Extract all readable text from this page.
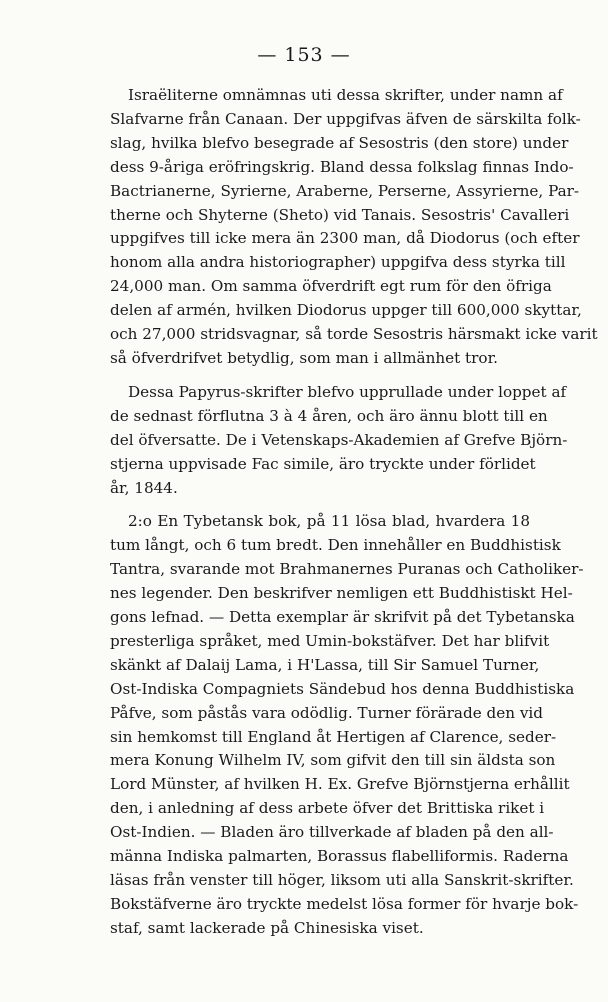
— 153 —

Israëliterne omnämnas uti dessa skrifter, under namn af
Slafvarne från Canaan. Der uppgifvas äfven de särskilta folk-
slag, hvilka blefvo besegrade af Sesostris (den store) under
dess 9-åriga eröfringskrig. Bland dessa folkslag finnas Indo-
Bactrianerne, Syrierne, Araberne, Perserne, Assyrierne, Par-
therne och Shyterne (Sheto) vid Tanais. Sesostris' Cavalleri
uppgifves till icke mera än 2300 man, då Diodorus (och efter
honom alla andra historiographer) uppgifva dess styrka till
24,000 man. Om samma öfverdrift egt rum för den öfriga
delen af armén, hvilken Diodorus uppger till 600,000 skyttar,
och 27,000 stridsvagnar, så torde Sesostris härsmakt icke varit
så öfverdrifvet betydlig, som man i allmänhet tror.

Dessa Papyrus-skrifter blefvo upprullade under loppet af
de sednast förflutna 3 à 4 åren, och äro ännu blott till en
del öfversatte. De i Vetenskaps-Akademien af Grefve Björn-
stjerna uppvisade Fac simile, äro tryckte under förlidet
år, 1844.

2:o En Tybetansk bok, på 11 lösa blad, hvardera 18
tum långt, och 6 tum bredt. Den innehåller en Buddhistisk
Tantra, svarande mot Brahmanernes Puranas och Catholiker-
nes legender. Den beskrifver nemligen ett Buddhistiskt Hel-
gons lefnad. — Detta exemplar är skrifvit på det Tybetanska
presterliga språket, med Umin-bokstäfver. Det har blifvit
skänkt af Dalaij Lama, i H'Lassa, till Sir Samuel Turner,
Ost-Indiska Compagniets Sändebud hos denna Buddhistiska
Påfve, som påstås vara odödlig. Turner förärade den vid
sin hemkomst till England åt Hertigen af Clarence, seder-
mera Konung Wilhelm IV, som gifvit den till sin äldsta son
Lord Münster, af hvilken H. Ex. Grefve Björnstjerna erhållit
den, i anledning af dess arbete öfver det Brittiska riket i
Ost-Indien. — Bladen äro tillverkade af bladen på den all-
männa Indiska palmarten, Borassus flabelliformis. Raderna
läsas från venster till höger, liksom uti alla Sanskrit-skrifter.
Bokstäfverne äro tryckte medelst lösa former för hvarje bok-
staf, samt lackerade på Chinesiska viset.
